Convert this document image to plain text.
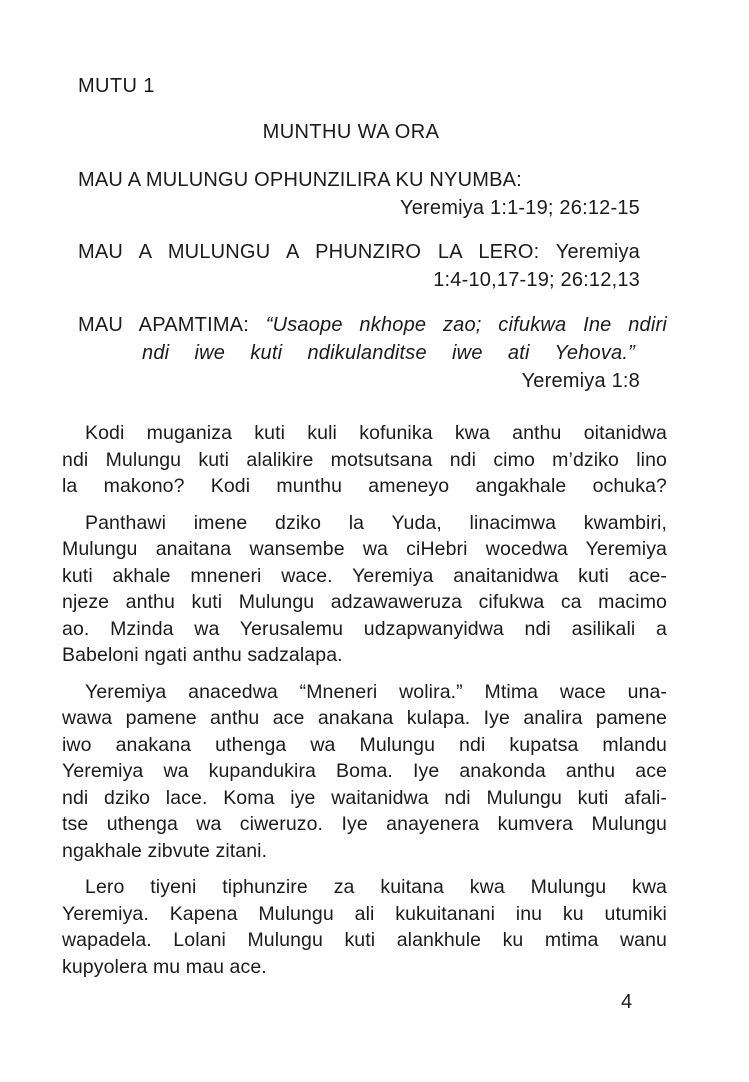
MUTU 1
MUNTHU WA ORA
MAU A MULUNGU OPHUNZILIRA KU NYUMBA:
Yeremiya 1:1-19; 26:12-15
MAU A MULUNGU A PHUNZIRO LA LERO: Yeremiya
1:4-10,17-19; 26:12,13
MAU APAMTIMA: “Usaope nkhope zao; cifukwa Ine ndiri
ndi iwe kuti ndikulanditse iwe ati Yehova.”
Yeremiya 1:8
Kodi muganiza kuti kuli kofunika kwa anthu oitanidwa
ndi Mulungu kuti alalikire motsutsana ndi cimo m’dziko lino
la makono? Kodi munthu ameneyo angakhale ochuka?
Panthawi imene dziko la Yuda, linacimwa kwambiri,
Mulungu anaitana wansembe wa ciHebri wocedwa Yeremiya
kuti akhale mneneri wace. Yeremiya anaitanidwa kuti ace-
njeze anthu kuti Mulungu adzawaweruza cifukwa ca macimo
ao. Mzinda wa Yerusalemu udzapwanyidwa ndi asilikali a
Babeloni ngati anthu sadzalapa.
Yeremiya anacedwa “Mneneri wolira.” Mtima wace una-
wawa pamene anthu ace anakana kulapa. Iye analira pamene
iwo anakana uthenga wa Mulungu ndi kupatsa mlandu
Yeremiya wa kupandukira Boma. Iye anakonda anthu ace
ndi dziko lace. Koma iye waitanidwa ndi Mulungu kuti afali-
tse uthenga wa ciweruzo. Iye anayenera kumvera Mulungu
ngakhale zibvute zitani.
Lero tiyeni tiphunzire za kuitana kwa Mulungu kwa
Yeremiya. Kapena Mulungu ali kukuitanani inu ku utumiki
wapadela. Lolani Mulungu kuti alankhule ku mtima wanu
kupyolera mu mau ace.
4
